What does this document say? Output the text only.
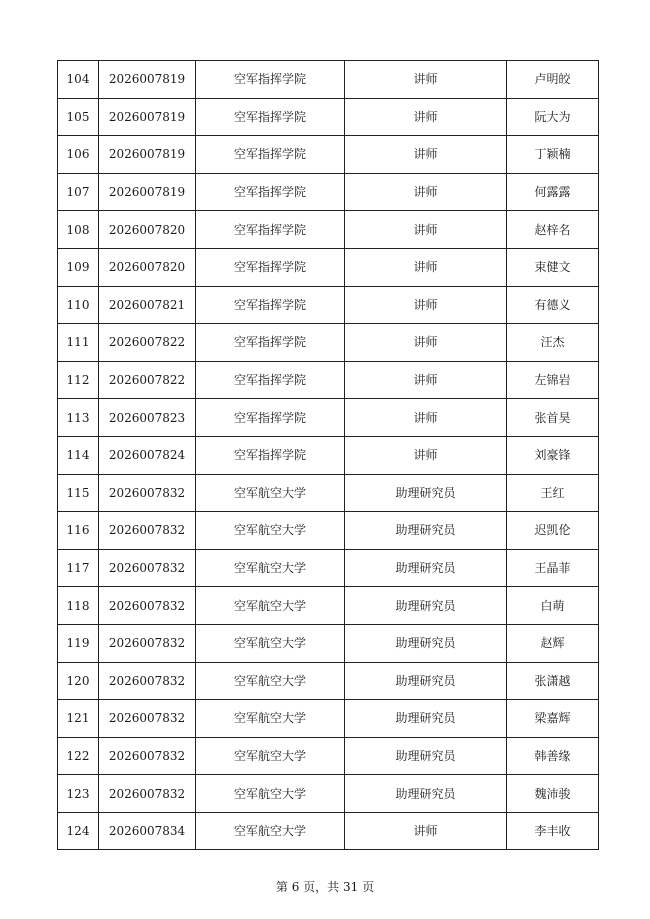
104	2026007819	空军指挥学院	讲师	卢明皎
105	2026007819	空军指挥学院	讲师	阮大为
106	2026007819	空军指挥学院	讲师	丁颖楠
107	2026007819	空军指挥学院	讲师	何露露
108	2026007820	空军指挥学院	讲师	赵梓名
109	2026007820	空军指挥学院	讲师	束健文
110	2026007821	空军指挥学院	讲师	有德义
111	2026007822	空军指挥学院	讲师	汪杰
112	2026007822	空军指挥学院	讲师	左锦岩
113	2026007823	空军指挥学院	讲师	张首昊
114	2026007824	空军指挥学院	讲师	刘豪锋
115	2026007832	空军航空大学	助理研究员	王红
116	2026007832	空军航空大学	助理研究员	迟凯伦
117	2026007832	空军航空大学	助理研究员	王晶菲
118	2026007832	空军航空大学	助理研究员	白萌
119	2026007832	空军航空大学	助理研究员	赵辉
120	2026007832	空军航空大学	助理研究员	张潇越
121	2026007832	空军航空大学	助理研究员	梁嘉辉
122	2026007832	空军航空大学	助理研究员	韩善缘
123	2026007832	空军航空大学	助理研究员	魏沛骏
124	2026007834	空军航空大学	讲师	李丰收
第 6 页，共 31 页
